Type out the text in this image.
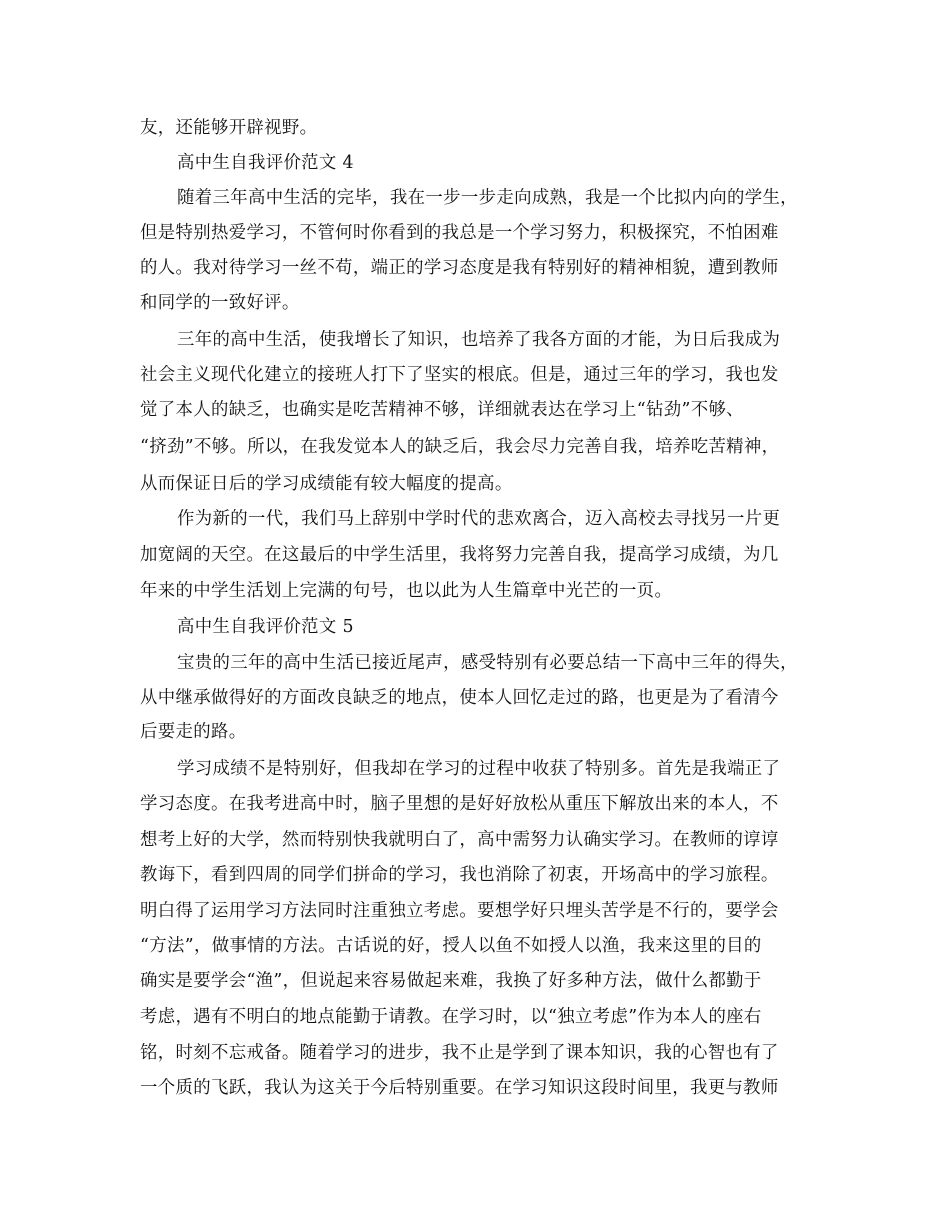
友，还能够开辟视野。
高中生自我评价范文 4
随着三年高中生活的完毕，我在一步一步走向成熟，我是一个比拟内向的学生，
但是特别热爱学习，不管何时你看到的我总是一个学习努力，积极探究，不怕困难
的人。我对待学习一丝不苟，端正的学习态度是我有特别好的精神相貌，遭到教师
和同学的一致好评。
三年的高中生活，使我增长了知识，也培养了我各方面的才能，为日后我成为
社会主义现代化建立的接班人打下了坚实的根底。但是，通过三年的学习，我也发
觉了本人的缺乏，也确实是吃苦精神不够，详细就表达在学习上“钻劲”不够、
“挤劲”不够。所以，在我发觉本人的缺乏后，我会尽力完善自我，培养吃苦精神，
从而保证日后的学习成绩能有较大幅度的提高。
作为新的一代，我们马上辞别中学时代的悲欢离合，迈入高校去寻找另一片更
加宽阔的天空。在这最后的中学生活里，我将努力完善自我，提高学习成绩，为几
年来的中学生活划上完满的句号，也以此为人生篇章中光芒的一页。
高中生自我评价范文 5
宝贵的三年的高中生活已接近尾声，感受特别有必要总结一下高中三年的得失，
从中继承做得好的方面改良缺乏的地点，使本人回忆走过的路，也更是为了看清今
后要走的路。
学习成绩不是特别好，但我却在学习的过程中收获了特别多。首先是我端正了
学习态度。在我考进高中时，脑子里想的是好好放松从重压下解放出来的本人，不
想考上好的大学，然而特别快我就明白了，高中需努力认确实学习。在教师的谆谆
教诲下，看到四周的同学们拼命的学习，我也消除了初衷，开场高中的学习旅程。
明白得了运用学习方法同时注重独立考虑。要想学好只埋头苦学是不行的，要学会
“方法”，做事情的方法。古话说的好，授人以鱼不如授人以渔，我来这里的目的
确实是要学会“渔”，但说起来容易做起来难，我换了好多种方法，做什么都勤于
考虑，遇有不明白的地点能勤于请教。在学习时，以“独立考虑”作为本人的座右
铭，时刻不忘戒备。随着学习的进步，我不止是学到了课本知识，我的心智也有了
一个质的飞跃，我认为这关于今后特别重要。在学习知识这段时间里，我更与教师
